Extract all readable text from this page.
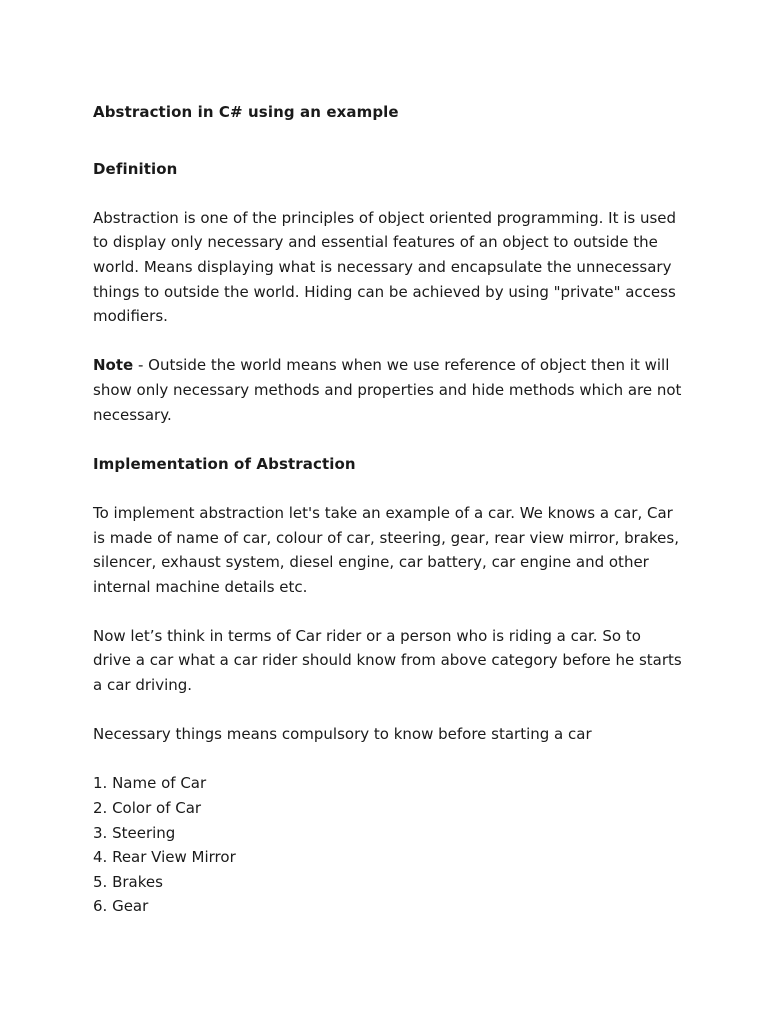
Abstraction in C# using an example
Definition

Abstraction is one of the principles of object oriented programming. It is used to display only necessary and essential features of an object to outside the world. Means displaying what is necessary and encapsulate the unnecessary things to outside the world. Hiding can be achieved by using "private" access modifiers.

Note - Outside the world means when we use reference of object then it will show only necessary methods and properties and hide methods which are not necessary.

Implementation of Abstraction

To implement abstraction let's take an example of a car. We knows a car, Car is made of name of car, colour of car, steering, gear, rear view mirror, brakes, silencer, exhaust system, diesel engine, car battery, car engine and other internal machine details etc.

Now let’s think in terms of Car rider or a person who is riding a car. So to drive a car what a car rider should know from above category before he starts a car driving.

Necessary things means compulsory to know before starting a car

1. Name of Car
2. Color of Car
3. Steering
4. Rear View Mirror
5. Brakes
6. Gear
